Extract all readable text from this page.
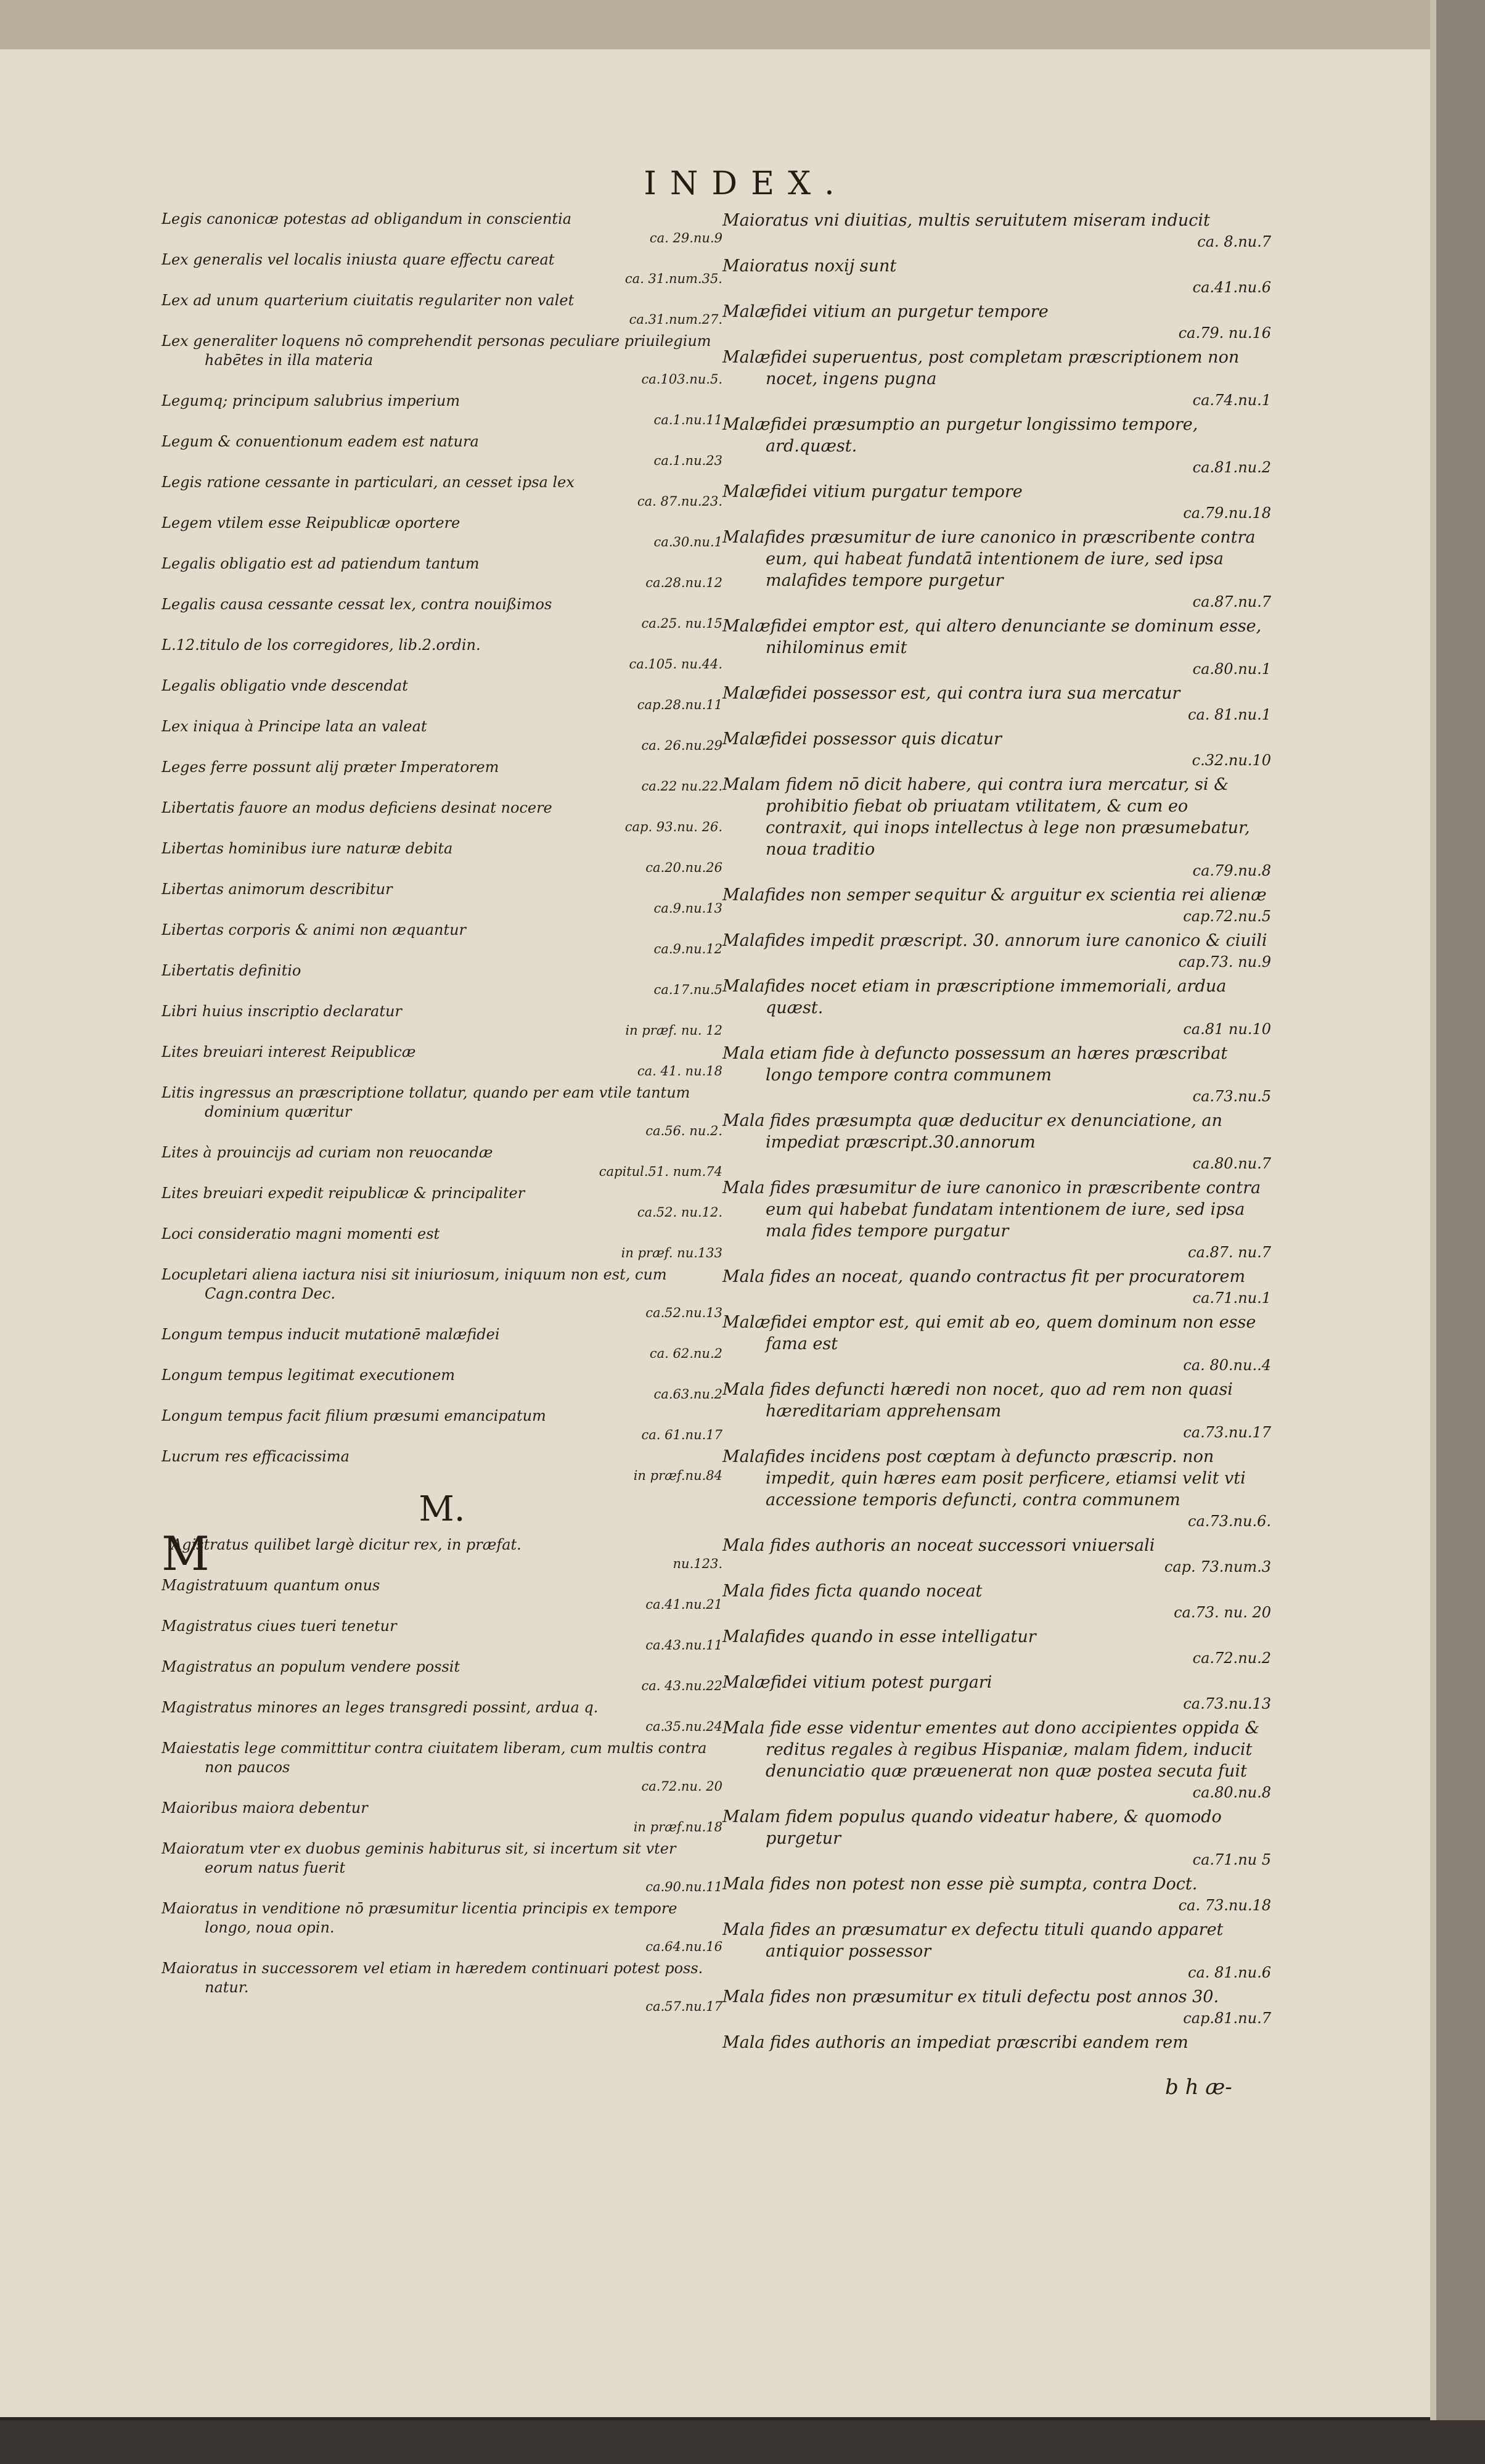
INDEX.
Legis canonicæ potestas ad obligandum in conscientia
ca. 29.nu.9
Lex generalis vel localis iniusta quare effectu careat
ca. 31.num.35.
Lex ad unum quarterium ciuitatis regulariter non valet
ca.31.num.27.
Lex generaliter loquens nō comprehendit personas peculiare priuilegium habētes in illa materia
ca.103.nu.5.
Legumq; principum salubrius imperium
ca.1.nu.11
Legum & conuentionum eadem est natura
ca.1.nu.23
Legis ratione cessante in particulari, an cesset ipsa lex
ca. 87.nu.23.
Legem vtilem esse Reipublicæ oportere
ca.30.nu.1
Legalis obligatio est ad patiendum tantum
ca.28.nu.12
Legalis causa cessante cessat lex, contra nouißimos
ca.25. nu.15
L.12.titulo de los corregidores, lib.2.ordin.
ca.105. nu.44.
Legalis obligatio vnde descendat
cap.28.nu.11
Lex iniqua à Principe lata an valeat
ca. 26.nu.29
Leges ferre possunt alij præter Imperatorem
ca.22 nu.22.
Libertatis fauore an modus deficiens desinat nocere
cap. 93.nu. 26.
Libertas hominibus iure naturæ debita
ca.20.nu.26
Libertas animorum describitur
ca.9.nu.13
Libertas corporis & animi non æquantur
ca.9.nu.12
Libertatis definitio
ca.17.nu.5
Libri huius inscriptio declaratur
in præf. nu. 12
Lites breuiari interest Reipublicæ
ca. 41. nu.18
Litis ingressus an præscriptione tollatur, quando per eam vtile tantum dominium quæritur
ca.56. nu.2.
Lites à prouincijs ad curiam non reuocandæ
capitul.51. num.74
Lites breuiari expedit reipublicæ & principaliter
ca.52. nu.12.
Loci consideratio magni momenti est
in præf. nu.133
Locupletari aliena iactura nisi sit iniuriosum, iniquum non est, cum Cagn.contra Dec.
ca.52.nu.13
Longum tempus inducit mutationē malæfidei
ca. 62.nu.2
Longum tempus legitimat executionem
ca.63.nu.2
Longum tempus facit filium præsumi emancipatum
ca. 61.nu.17
Lucrum res efficacissima
in præf.nu.84
M.
M
Agistratus quilibet largè dicitur rex, in præfat.
nu.123.
Magistratuum quantum onus
ca.41.nu.21
Magistratus ciues tueri tenetur
ca.43.nu.11
Magistratus an populum vendere possit
ca. 43.nu.22
Magistratus minores an leges transgredi possint, ardua q.
ca.35.nu.24
Maiestatis lege committitur contra ciuitatem liberam, cum multis contra non paucos
ca.72.nu. 20
Maioribus maiora debentur
in præf.nu.18
Maioratum vter ex duobus geminis habiturus sit, si incertum sit vter eorum natus fuerit
ca.90.nu.11
Maioratus in venditione nō præsumitur licentia principis ex tempore longo, noua opin.
ca.64.nu.16
Maioratus in successorem vel etiam in hæredem continuari potest poss. natur.
ca.57.nu.17
Maioratus vni diuitias, multis seruitutem miseram inducit
ca. 8.nu.7
Maioratus noxij sunt
ca.41.nu.6
Malæfidei vitium an purgetur tempore
ca.79. nu.16
Malæfidei superuentus, post completam præscriptionem non nocet, ingens pugna
ca.74.nu.1
Malæfidei præsumptio an purgetur longissimo tempore, ard.quæst.
ca.81.nu.2
Malæfidei vitium purgatur tempore
ca.79.nu.18
Malafides præsumitur de iure canonico in præscribente contra eum, qui habeat fundatā intentionem de iure, sed ipsa malafides tempore purgetur
ca.87.nu.7
Malæfidei emptor est, qui altero denunciante se dominum esse, nihilominus emit
ca.80.nu.1
Malæfidei possessor est, qui contra iura sua mercatur
ca. 81.nu.1
Malæfidei possessor quis dicatur
c.32.nu.10
Malam fidem nō dicit habere, qui contra iura mercatur, si & prohibitio fiebat ob priuatam vtilitatem, & cum eo contraxit, qui inops intellectus à lege non præsumebatur, noua traditio
ca.79.nu.8
Malafides non semper sequitur & arguitur ex scientia rei alienæ
cap.72.nu.5
Malafides impedit præscript. 30. annorum iure canonico & ciuili
cap.73. nu.9
Malafides nocet etiam in præscriptione immemoriali, ardua quæst.
ca.81 nu.10
Mala etiam fide à defuncto possessum an hæres præscribat longo tempore contra communem
ca.73.nu.5
Mala fides præsumpta quæ deducitur ex denunciatione, an impediat præscript.30.annorum
ca.80.nu.7
Mala fides præsumitur de iure canonico in præscribente contra eum qui habebat fundatam intentionem de iure, sed ipsa mala fides tempore purgatur
ca.87. nu.7
Mala fides an noceat, quando contractus fit per procuratorem
ca.71.nu.1
Malæfidei emptor est, qui emit ab eo, quem dominum non esse fama est
ca. 80.nu..4
Mala fides defuncti hæredi non nocet, quo ad rem non quasi hæreditariam apprehensam
ca.73.nu.17
Malafides incidens post cœptam à defuncto præscrip. non impedit, quin hæres eam posit perficere, etiamsi velit vti accessione temporis defuncti, contra communem
ca.73.nu.6.
Mala fides authoris an noceat successori vniuersali
cap. 73.num.3
Mala fides ficta quando noceat
ca.73. nu. 20
Malafides quando in esse intelligatur
ca.72.nu.2
Malæfidei vitium potest purgari
ca.73.nu.13
Mala fide esse videntur ementes aut dono accipientes oppida & reditus regales à regibus Hispaniæ, malam fidem, inducit denunciatio quæ præuenerat non quæ postea secuta fuit
ca.80.nu.8
Malam fidem populus quando videatur habere, & quomodo purgetur
ca.71.nu 5
Mala fides non potest non esse piè sumpta, contra Doct.
ca. 73.nu.18
Mala fides an præsumatur ex defectu tituli quando apparet antiquior possessor
ca. 81.nu.6
Mala fides non præsumitur ex tituli defectu post annos 30.
cap.81.nu.7
Mala fides authoris an impediat præscribi eandem rem
b h æ-
